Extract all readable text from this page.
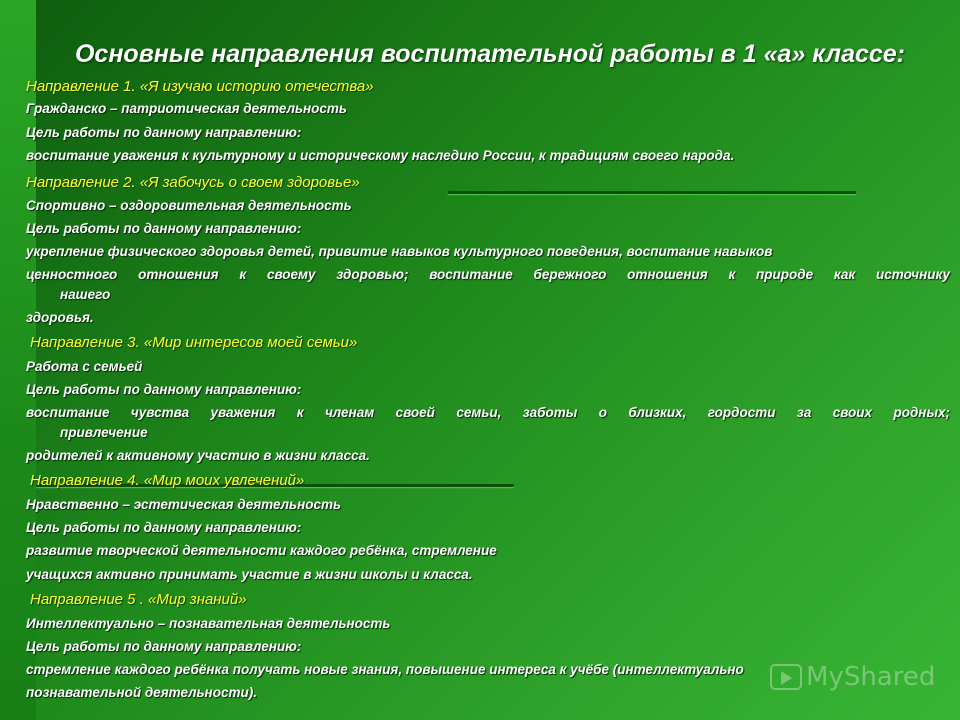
Основные направления воспитательной работы в 1 «а» классе:
Направление 1. «Я изучаю историю отечества»
Гражданско – патриотическая деятельность
Цель работы по данному направлению:
воспитание уважения к культурному и историческому наследию России, к традициям своего народа.
Направление 2. «Я забочусь о своем здоровье»
Спортивно – оздоровительная деятельность
Цель работы по данному направлению:
укрепление физического здоровья детей, привитие навыков культурного поведения, воспитание навыков
ценностного отношения к своему здоровью; воспитание бережного отношения к природе как источнику
нашего
здоровья.
Направление 3. «Мир интересов моей семьи»
Работа с семьей
Цель работы по данному направлению:
воспитание чувства уважения к членам своей семьи, заботы о близких, гордости за своих родных;
привлечение
родителей к активному участию в жизни класса.
Направление 4. «Мир моих увлечений»
Нравственно – эстетическая деятельность
Цель работы по данному направлению:
развитие творческой деятельности каждого ребёнка, стремление
учащихся активно принимать участие в жизни школы и класса.
Направление 5 . «Мир знаний»
Интеллектуально – познавательная деятельность
Цель работы по данному направлению:
стремление каждого ребёнка получать новые знания, повышение интереса к учёбе (интеллектуально
познавательной деятельности).
MyShared
